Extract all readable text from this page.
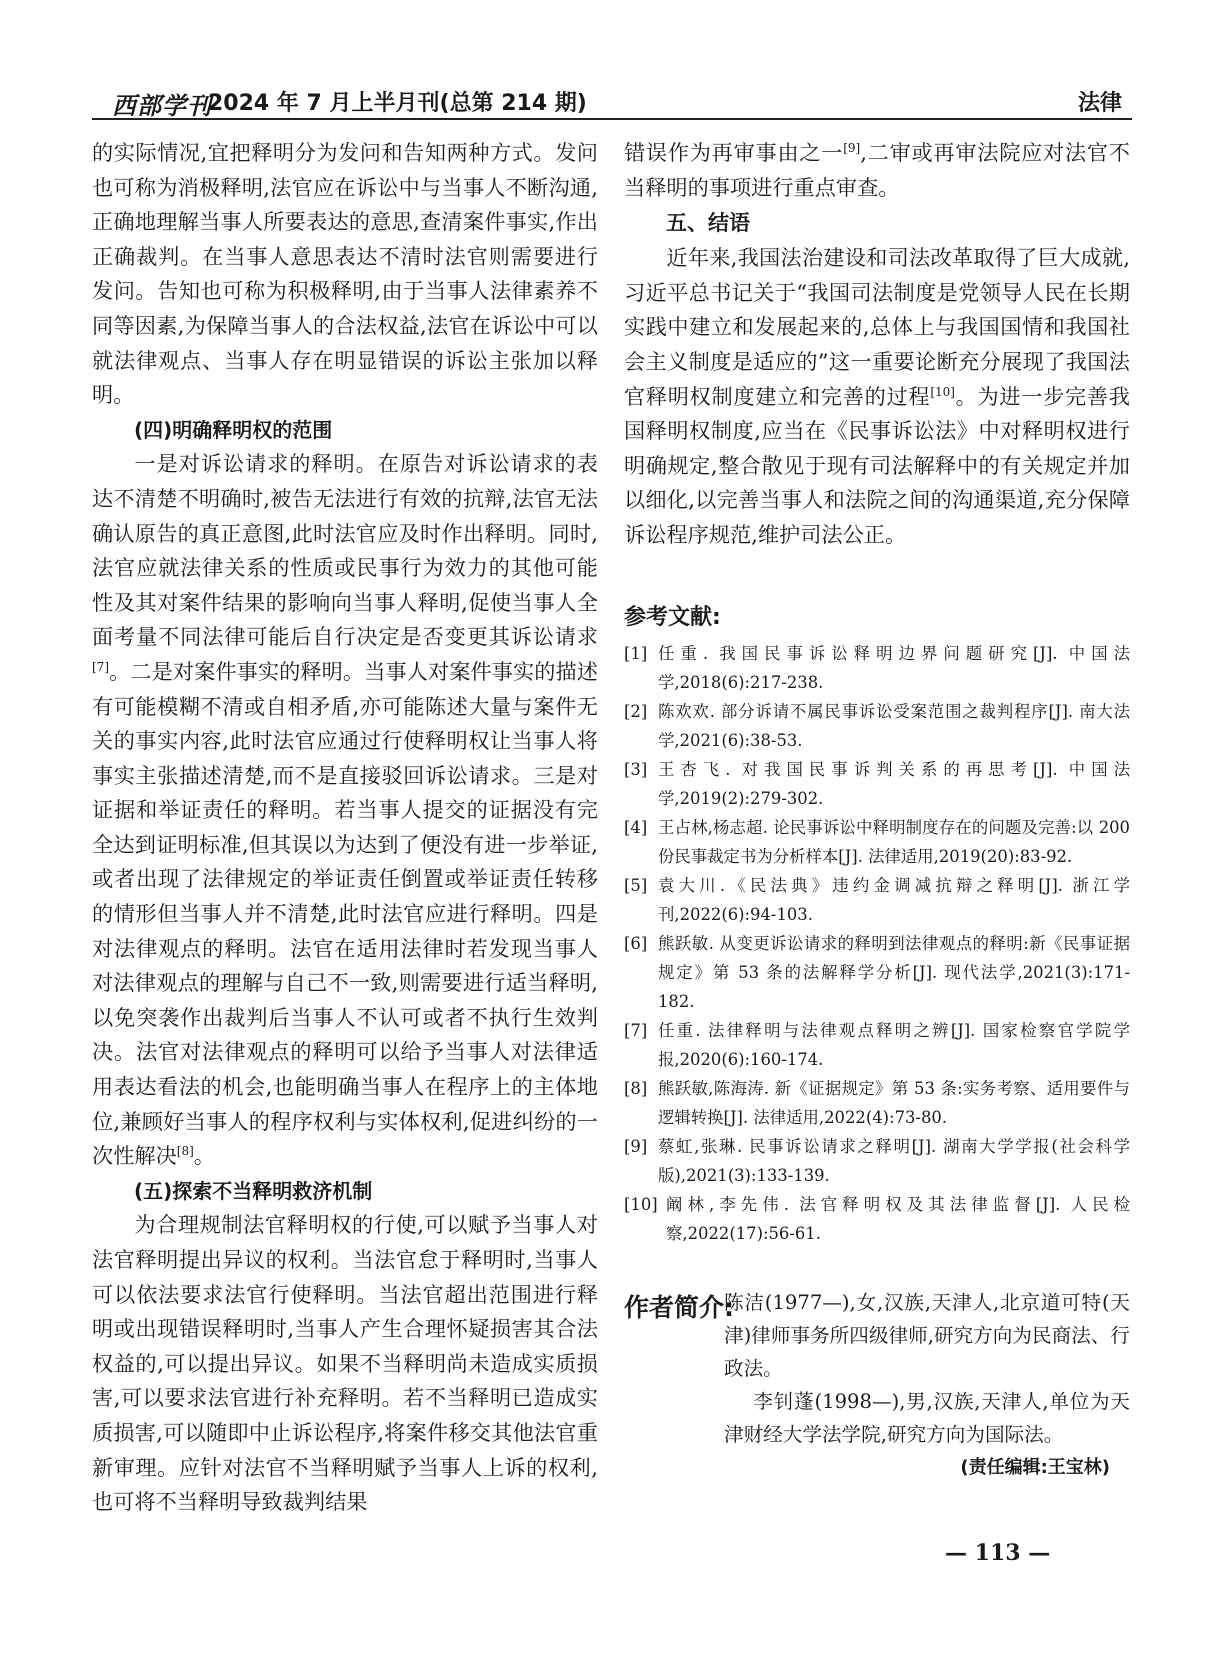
西部学刊
2024 年 7 月上半月刊(总第 214 期)	法律

的实际情况,宜把释明分为发问和告知两种方式。发问也可称为消极释明,法官应在诉讼中与当事人不断沟通,正确地理解当事人所要表达的意思,查清案件事实,作出正确裁判。在当事人意思表达不清时法官则需要进行发问。告知也可称为积极释明,由于当事人法律素养不同等因素,为保障当事人的合法权益,法官在诉讼中可以就法律观点、当事人存在明显错误的诉讼主张加以释明。

(四)明确释明权的范围

一是对诉讼请求的释明。在原告对诉讼请求的表达不清楚不明确时,被告无法进行有效的抗辩,法官无法确认原告的真正意图,此时法官应及时作出释明。同时,法官应就法律关系的性质或民事行为效力的其他可能性及其对案件结果的影响向当事人释明,促使当事人全面考量不同法律可能后自行决定是否变更其诉讼请求[7]。二是对案件事实的释明。当事人对案件事实的描述有可能模糊不清或自相矛盾,亦可能陈述大量与案件无关的事实内容,此时法官应通过行使释明权让当事人将事实主张描述清楚,而不是直接驳回诉讼请求。三是对证据和举证责任的释明。若当事人提交的证据没有完全达到证明标准,但其误以为达到了便没有进一步举证,或者出现了法律规定的举证责任倒置或举证责任转移的情形但当事人并不清楚,此时法官应进行释明。四是对法律观点的释明。法官在适用法律时若发现当事人对法律观点的理解与自己不一致,则需要进行适当释明,以免突袭作出裁判后当事人不认可或者不执行生效判决。法官对法律观点的释明可以给予当事人对法律适用表达看法的机会,也能明确当事人在程序上的主体地位,兼顾好当事人的程序权利与实体权利,促进纠纷的一次性解决[8]。

(五)探索不当释明救济机制

为合理规制法官释明权的行使,可以赋予当事人对法官释明提出异议的权利。当法官怠于释明时,当事人可以依法要求法官行使释明。当法官超出范围进行释明或出现错误释明时,当事人产生合理怀疑损害其合法权益的,可以提出异议。如果不当释明尚未造成实质损害,可以要求法官进行补充释明。若不当释明已造成实质损害,可以随即中止诉讼程序,将案件移交其他法官重新审理。应针对法官不当释明赋予当事人上诉的权利,也可将不当释明导致裁判结果

错误作为再审事由之一[9],二审或再审法院应对法官不当释明的事项进行重点审查。

五、结语

近年来,我国法治建设和司法改革取得了巨大成就,习近平总书记关于“我国司法制度是党领导人民在长期实践中建立和发展起来的,总体上与我国国情和我国社会主义制度是适应的”这一重要论断充分展现了我国法官释明权制度建立和完善的过程[10]。为进一步完善我国释明权制度,应当在《民事诉讼法》中对释明权进行明确规定,整合散见于现有司法解释中的有关规定并加以细化,以完善当事人和法院之间的沟通渠道,充分保障诉讼程序规范,维护司法公正。

参考文献:

[1] 任重. 我国民事诉讼释明边界问题研究[J]. 中国法学,2018(6):217-238.

[2] 陈欢欢. 部分诉请不属民事诉讼受案范围之裁判程序[J]. 南大法学,2021(6):38-53.

[3] 王杏飞. 对我国民事诉判关系的再思考[J]. 中国法学,2019(2):279-302.

[4] 王占林,杨志超. 论民事诉讼中释明制度存在的问题及完善:以 200 份民事裁定书为分析样本[J]. 法律适用,2019(20):83-92.

[5] 袁大川.《民法典》违约金调减抗辩之释明[J]. 浙江学刊,2022(6):94-103.

[6] 熊跃敏. 从变更诉讼请求的释明到法律观点的释明:新《民事证据规定》第 53 条的法解释学分析[J]. 现代法学,2021(3):171-182.

[7] 任重. 法律释明与法律观点释明之辨[J]. 国家检察官学院学报,2020(6):160-174.

[8] 熊跃敏,陈海涛. 新《证据规定》第 53 条:实务考察、适用要件与逻辑转换[J]. 法律适用,2022(4):73-80.

[9] 蔡虹,张琳. 民事诉讼请求之释明[J]. 湖南大学学报(社会科学版),2021(3):133-139.

[10] 阚林,李先伟. 法官释明权及其法律监督[J]. 人民检察,2022(17):56-61.

作者简介:

陈洁(1977—),女,汉族,天津人,北京道可特(天津)律师事务所四级律师,研究方向为民商法、行政法。

李钊蓬(1998—),男,汉族,天津人,单位为天津财经大学法学院,研究方向为国际法。

(责任编辑:王宝林)
— 113 —
